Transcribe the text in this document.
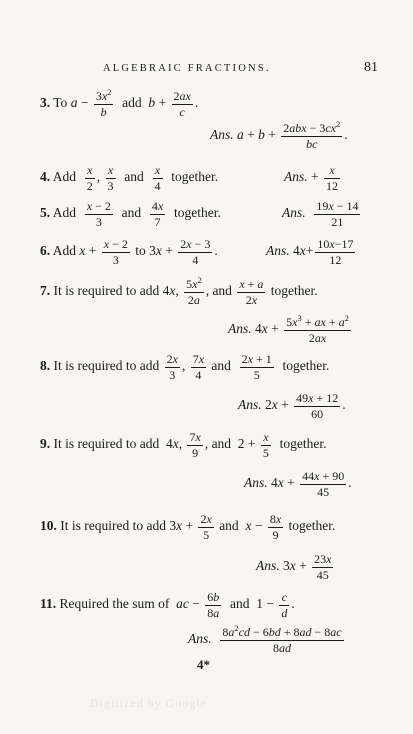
ALGEBRAIC FRACTIONS.	81
3. To $a - \frac{3x^2}{b}$ add  $b + \frac{2ax}{c}$ .
Ans. $a + b + 2abx - 3cx^2$
bc
.
4. Add $\frac{x}{2}$ , $\frac{x}{3}$ and $\frac{x}{4}$ together.	Ans. + $\frac{x}{12}$
5. Add $\frac{x - 2}{3}$ and $\frac{4x}{7}$ together.	Ans. $\frac{19x - 14}{21}$
6. Add $x + \frac{x - 2}{3}$ to $3x + \frac{2x - 3}{4}$ .	Ans. $4x+ \frac{10x-17}{12}$
7. It is required to add 4x, $\frac{5x^2}{2a}$ , and $\frac{x + a}{2x}$ together.
Ans. $4x + \frac{5x^3 + ax + a^2}{2ax}$
8. It is required to add $\frac{2x}{3}$ , $\frac{7x}{4}$ and $\frac{2x + 1}{5}$ together.
Ans. $2x + \frac{49x + 12}{60}$ .
9. It is required to add  4x, $\frac{7x}{9}$ , and  $2 + \frac{x}{5}$ together.
Ans. $4x + \frac{44x + 90}{45}$ .
10. It is required to add $3x + \frac{2x}{5}$ and  $x - \frac{8x}{9}$ together.
Ans. $3x + \frac{23x}{45}$
11. Required the sum of  ac − $\frac{6b}{8a}$ and  $1 - \frac{c}{d}$ .
Ans. $\frac{8a^2cd - 6bd + 8ad - 8ac}{8ad}$
4*
Digitized by Google
